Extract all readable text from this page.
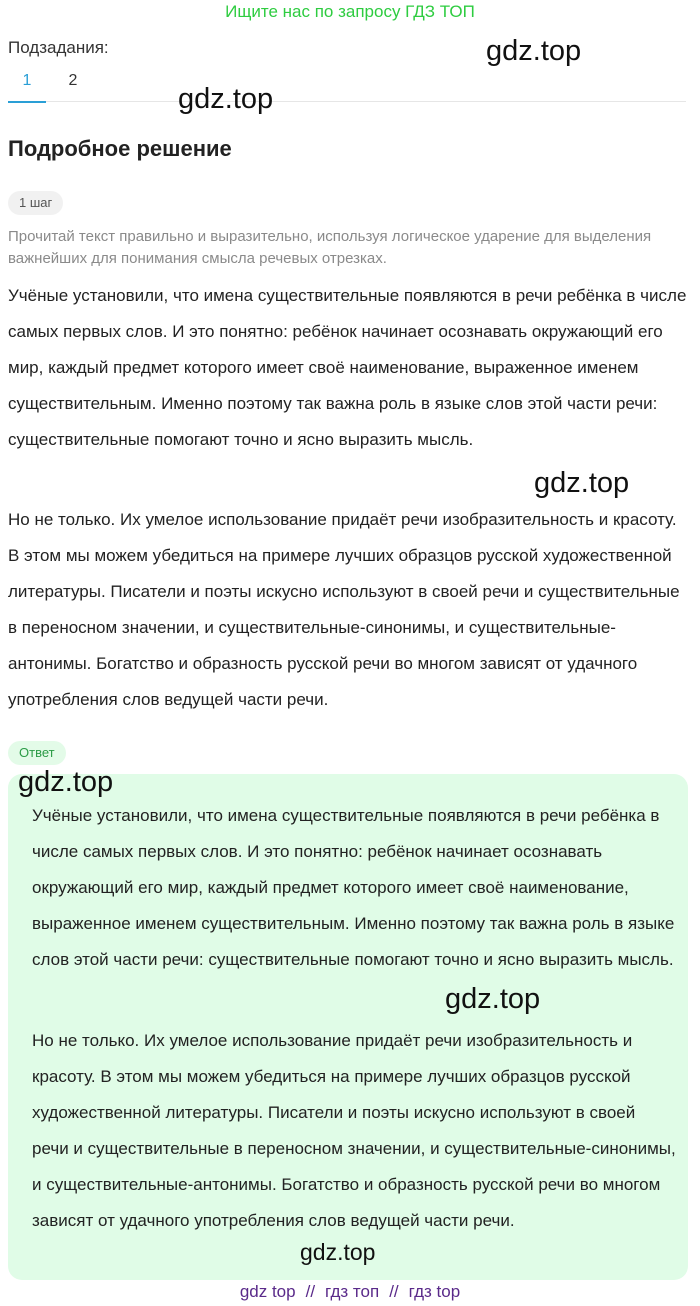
Ищите нас по запросу ГДЗ ТОП
Подзадания:
1	2
Подробное решение
1 шаг
Прочитай текст правильно и выразительно, используя логическое ударение для выделения важнейших для понимания смысла речевых отрезках.
Учёные установили, что имена существительные появляются в речи ребёнка в числе самых первых слов. И это понятно: ребёнок начинает осознавать окружающий его мир, каждый предмет которого имеет своё наименование, выраженное именем существительным. Именно поэтому так важна роль в языке слов этой части речи: существительные помогают точно и ясно выразить мысль.
Но не только. Их умелое использование придаёт речи изобразительность и красоту. В этом мы можем убедиться на примере лучших образцов русской художественной литературы. Писатели и поэты искусно используют в своей речи и существительные в переносном значении, и существительные-синонимы, и существительные-антонимы. Богатство и образность русской речи во многом зависят от удачного употребления слов ведущей части речи.
Ответ
Учёные установили, что имена существительные появляются в речи ребёнка в числе самых первых слов. И это понятно: ребёнок начинает осознавать окружающий его мир, каждый предмет которого имеет своё наименование, выраженное именем существительным. Именно поэтому так важна роль в языке слов этой части речи: существительные помогают точно и ясно выразить мысль.
Но не только. Их умелое использование придаёт речи изобразительность и красоту. В этом мы можем убедиться на примере лучших образцов русской художественной литературы. Писатели и поэты искусно используют в своей речи и существительные в переносном значении, и существительные-синонимы, и существительные-антонимы. Богатство и образность русской речи во многом зависят от удачного употребления слов ведущей части речи.
gdz.top
gdz.top
gdz.top
gdz.top
gdz.top
gdz.top
gdz top // гдз топ // гдз top
